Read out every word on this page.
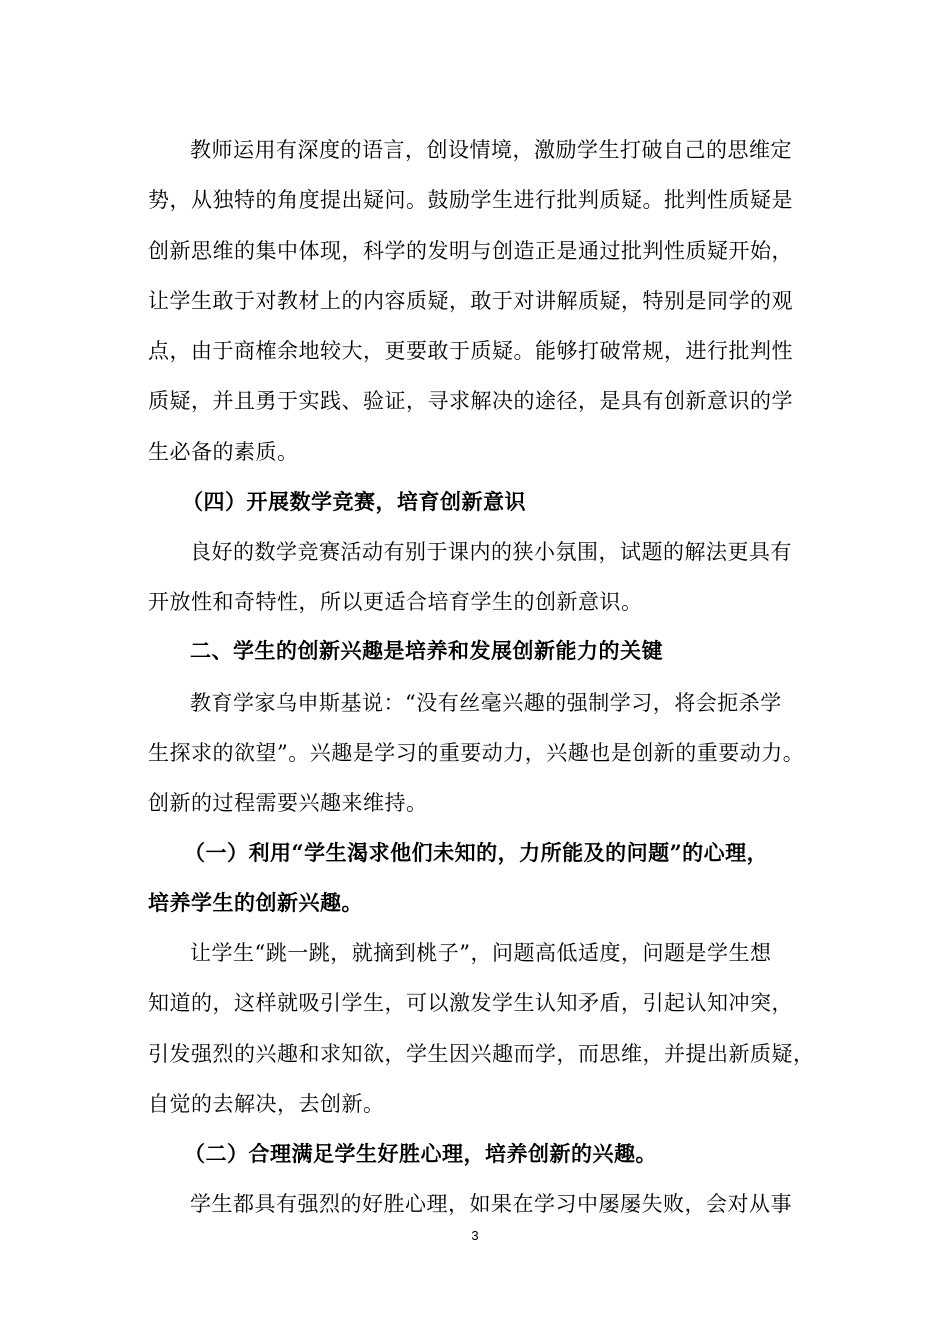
教师运用有深度的语言，创设情境，激励学生打破自己的思维定
势，从独特的角度提出疑问。鼓励学生进行批判质疑。批判性质疑是
创新思维的集中体现，科学的发明与创造正是通过批判性质疑开始，
让学生敢于对教材上的内容质疑，敢于对讲解质疑，特别是同学的观
点，由于商榷余地较大，更要敢于质疑。能够打破常规，进行批判性
质疑，并且勇于实践、验证，寻求解决的途径，是具有创新意识的学
生必备的素质。
（四）开展数学竞赛，培育创新意识
良好的数学竞赛活动有别于课内的狭小氛围，试题的解法更具有
开放性和奇特性，所以更适合培育学生的创新意识。
二、学生的创新兴趣是培养和发展创新能力的关键
教育学家乌申斯基说：“没有丝毫兴趣的强制学习，将会扼杀学
生探求的欲望”。兴趣是学习的重要动力，兴趣也是创新的重要动力。
创新的过程需要兴趣来维持。
（一）利用“学生渴求他们未知的，力所能及的问题”的心理，
培养学生的创新兴趣。
让学生“跳一跳，就摘到桃子”，问题高低适度，问题是学生想
知道的，这样就吸引学生，可以激发学生认知矛盾，引起认知冲突，
引发强烈的兴趣和求知欲，学生因兴趣而学，而思维，并提出新质疑，
自觉的去解决，去创新。
（二）合理满足学生好胜心理，培养创新的兴趣。
学生都具有强烈的好胜心理，如果在学习中屡屡失败，会对从事
3
